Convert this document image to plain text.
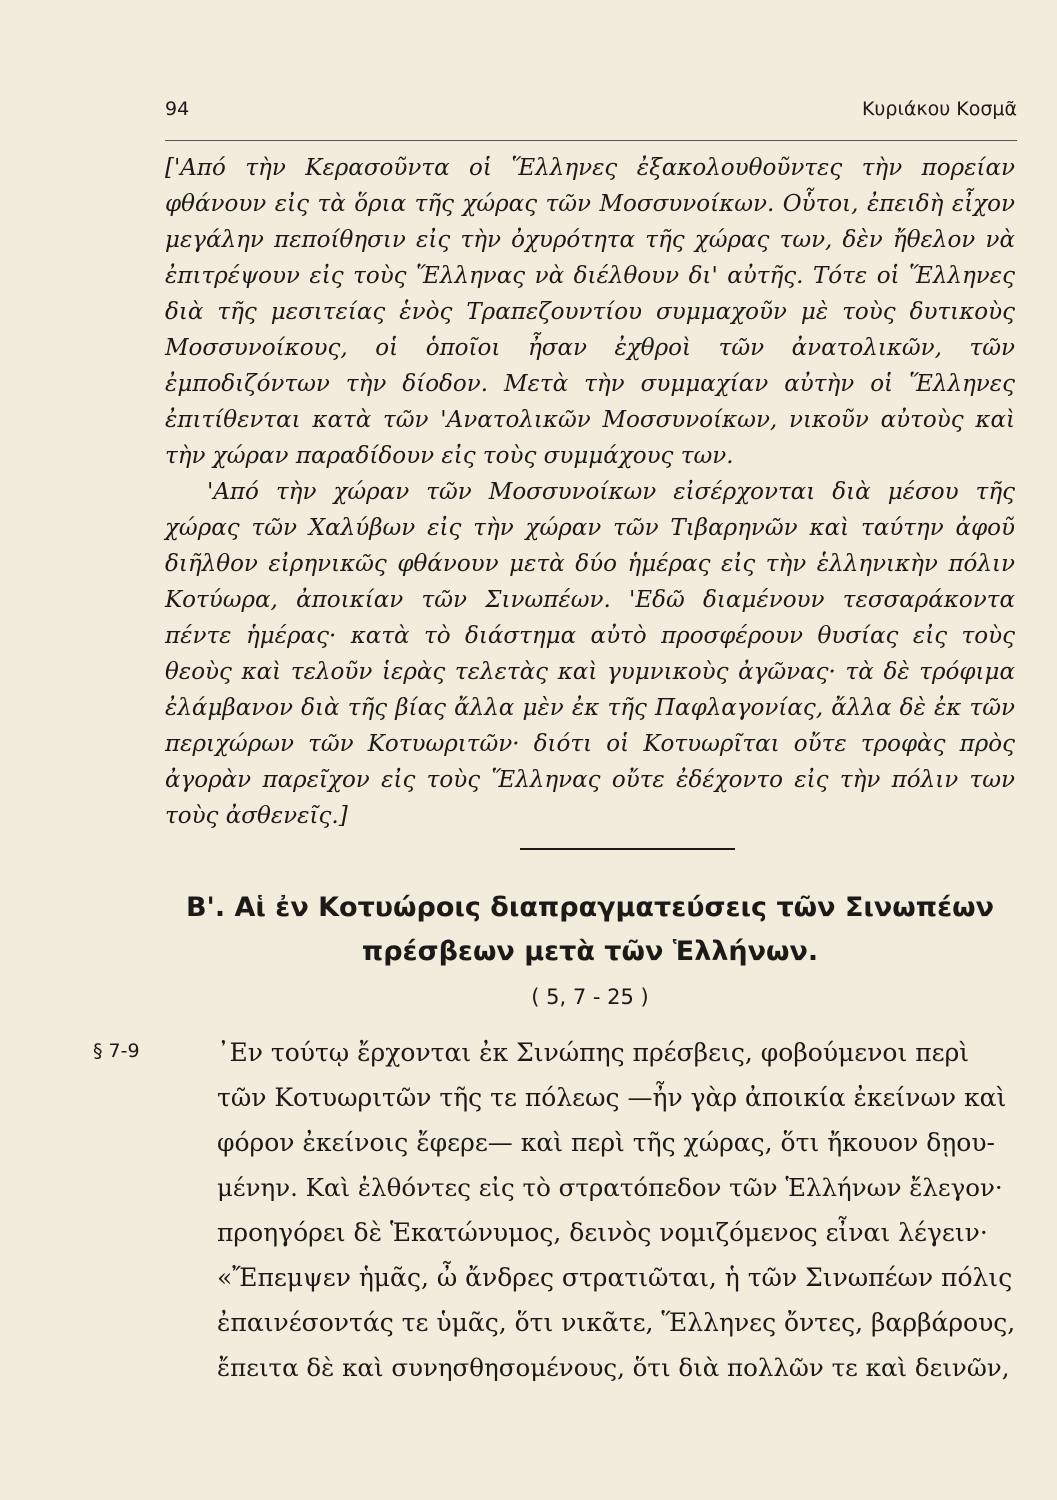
94	Κυριάκου Κοσμᾶ

['Από τὴν Κερασοῦντα οἱ Ἕλληνες ἐξακολουθοῦντες τὴν πορείαν φθάνουν εἰς τὰ ὅρια τῆς χώρας τῶν Μοσσυνοίκων. Οὗτοι, ἐπειδὴ εἶχον μεγάλην πεποίθησιν εἰς τὴν ὀχυρότητα τῆς χώρας των, δὲν ἤθελον νὰ ἐπιτρέψουν εἰς τοὺς Ἕλληνας νὰ διέλθουν δι' αὐτῆς. Τότε οἱ Ἕλληνες διὰ τῆς μεσιτείας ἑνὸς Τραπεζουντίου συμμαχοῦν μὲ τοὺς δυτικοὺς Μοσσυνοίκους, οἱ ὁποῖοι ἦσαν ἐχθροὶ τῶν ἀνατολικῶν, τῶν ἐμποδιζόντων τὴν δίοδον. Μετὰ τὴν συμμαχίαν αὐτὴν οἱ Ἕλληνες ἐπιτίθενται κατὰ τῶν 'Ανατολικῶν Μοσσυνοίκων, νικοῦν αὐτοὺς καὶ τὴν χώραν παραδίδουν εἰς τοὺς συμμάχους των.

'Από τὴν χώραν τῶν Μοσσυνοίκων εἰσέρχονται διὰ μέσου τῆς χώρας τῶν Χαλύβων εἰς τὴν χώραν τῶν Τιβαρηνῶν καὶ ταύτην ἀφοῦ διῆλθον εἰρηνικῶς φθάνουν μετὰ δύο ἡμέρας εἰς τὴν ἑλληνικὴν πόλιν Κοτύωρα, ἀποικίαν τῶν Σινωπέων. 'Εδῶ διαμένουν τεσσαράκοντα πέντε ἡμέρας· κατὰ τὸ διάστημα αὐτὸ προσφέρουν θυσίας εἰς τοὺς θεοὺς καὶ τελοῦν ἱερὰς τελετὰς καὶ γυμνικοὺς ἀγῶνας· τὰ δὲ τρόφιμα ἐλάμβανον διὰ τῆς βίας ἄλλα μὲν ἐκ τῆς Παφλαγονίας, ἄλλα δὲ ἐκ τῶν περιχώρων τῶν Κοτυωριτῶν· διότι οἱ Κοτυωρῖται οὔτε τροφὰς πρὸς ἀγορὰν παρεῖχον εἰς τοὺς Ἕλληνας οὔτε ἐδέχοντο εἰς τὴν πόλιν των τοὺς ἀσθενεῖς.]

Β'. Αἱ ἐν Κοτυώροις διαπραγματεύσεις τῶν Σινωπέων πρέσβεων μετὰ τῶν Ἑλλήνων.
( 5, 7 - 25 )
§ 7-9	᾽Εν τούτῳ ἔρχονται ἐκ Σινώπης πρέσβεις, φοβούμενοι περὶ
τῶν Κοτυωριτῶν τῆς τε πόλεως —ἦν γὰρ ἀποικία ἐκείνων καὶ
φόρον ἐκείνοις ἔφερε— καὶ περὶ τῆς χώρας, ὅτι ἤκουον δῃου-
μένην. Καὶ ἐλθόντες εἰς τὸ στρατόπεδον τῶν Ἑλλήνων ἔλεγον·
προηγόρει δὲ Ἑκατώνυμος, δεινὸς νομιζόμενος εἶναι λέγειν·
«Ἔπεμψεν ἡμᾶς, ὦ ἄνδρες στρατιῶται, ἡ τῶν Σινωπέων πόλις
ἐπαινέσοντάς τε ὑμᾶς, ὅτι νικᾶτε, Ἕλληνες ὄντες, βαρβάρους,
ἔπειτα δὲ καὶ συνησθησομένους, ὅτι διὰ πολλῶν τε καὶ δεινῶν,
